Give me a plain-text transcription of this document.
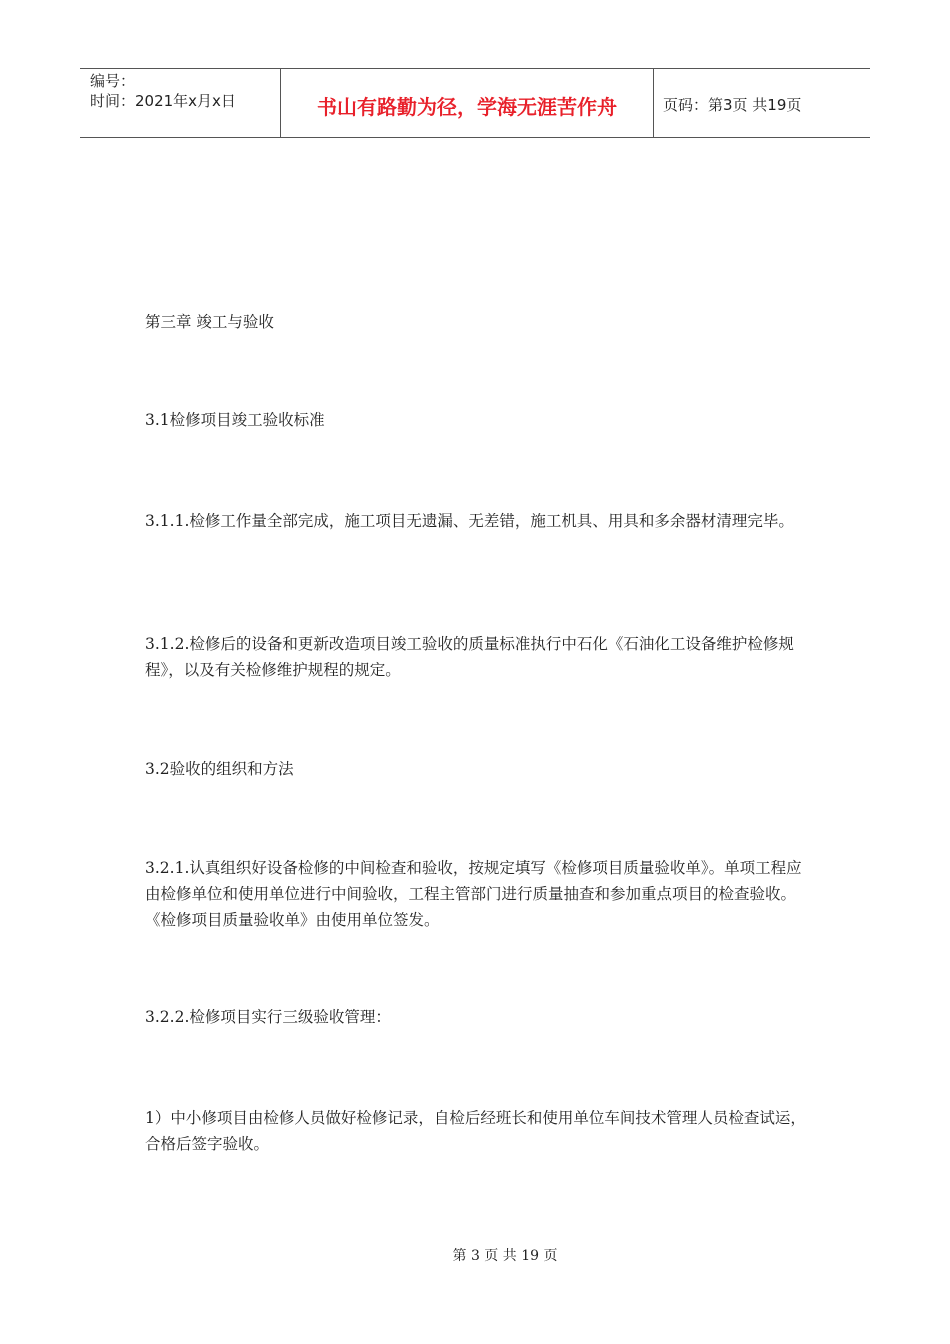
编号：
时间：2021年x月x日	书山有路勤为径，学海无涯苦作舟	页码：第3页 共19页

第三章 竣工与验收

3.1检修项目竣工验收标准

3.1.1.检修工作量全部完成，施工项目无遗漏、无差错，施工机具、用具和多余器材清理完毕。

3.1.2.检修后的设备和更新改造项目竣工验收的质量标准执行中石化《石油化工设备维护检修规程》，以及有关检修维护规程的规定。

3.2验收的组织和方法

3.2.1.认真组织好设备检修的中间检查和验收，按规定填写《检修项目质量验收单》。单项工程应由检修单位和使用单位进行中间验收，工程主管部门进行质量抽查和参加重点项目的检查验收。《检修项目质量验收单》由使用单位签发。

3.2.2.检修项目实行三级验收管理：

1）中小修项目由检修人员做好检修记录，自检后经班长和使用单位车间技术管理人员检查试运，合格后签字验收。

第 3 页 共 19 页
